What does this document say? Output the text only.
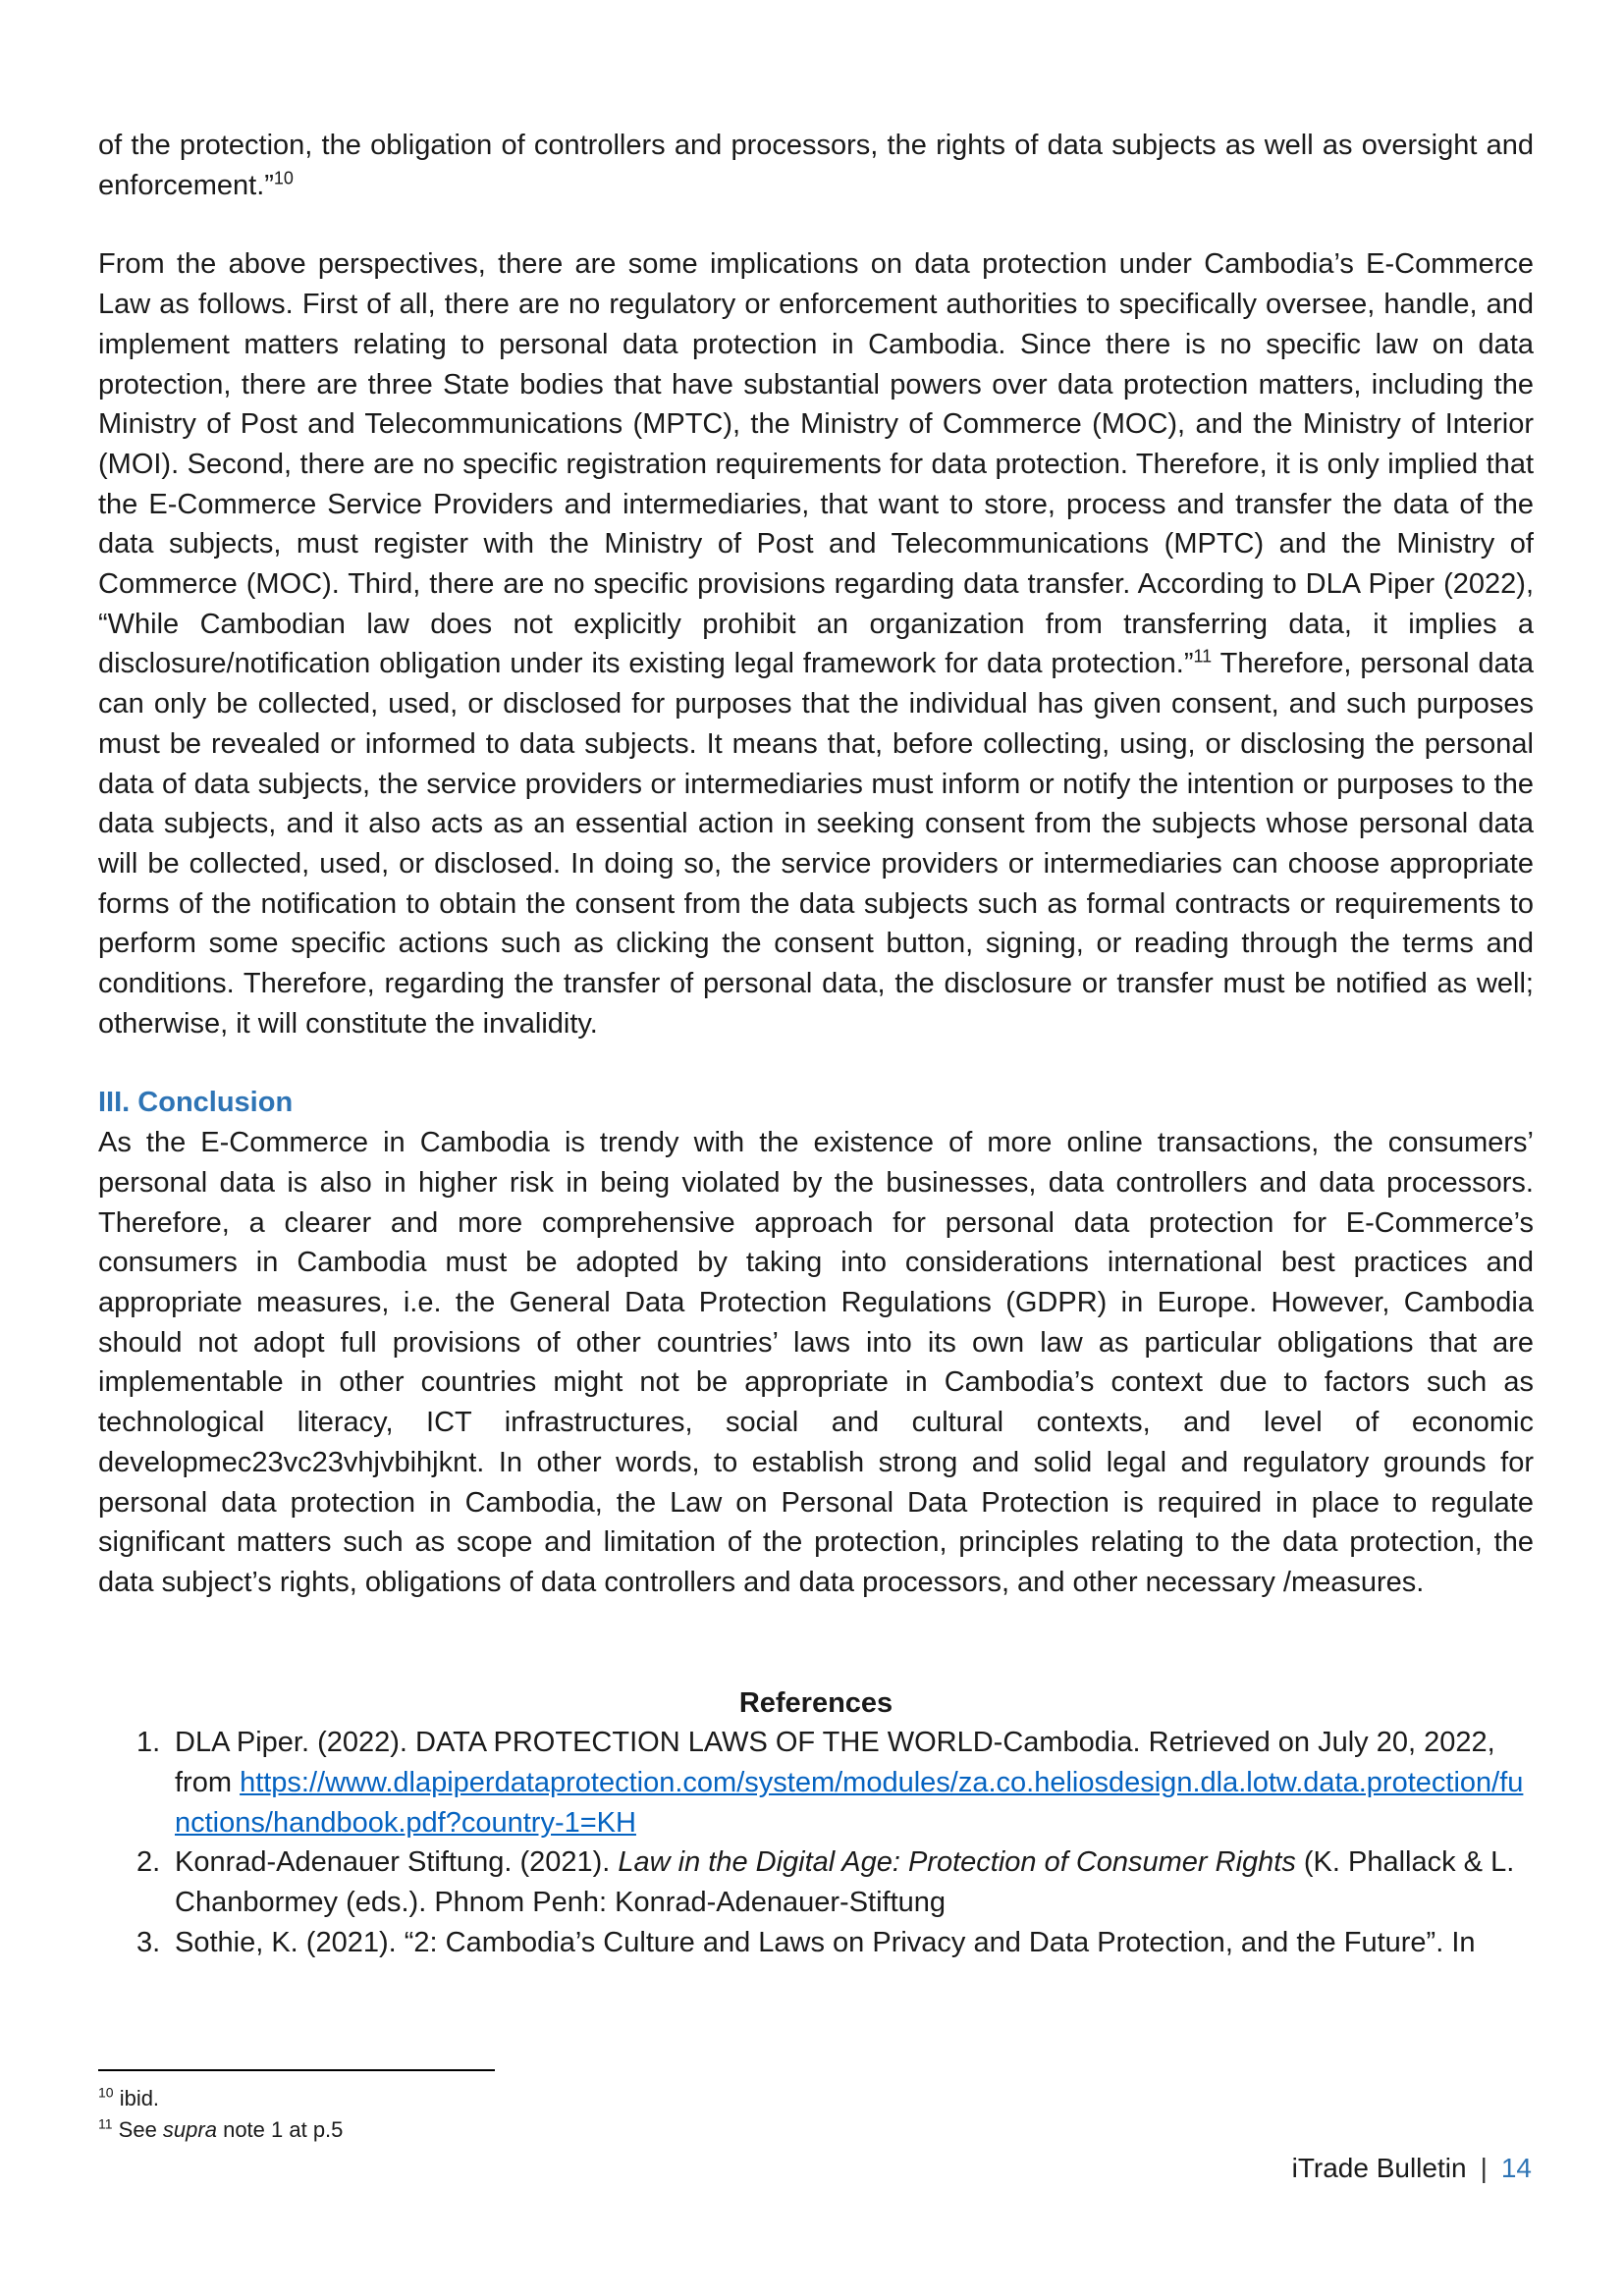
of the protection, the obligation of controllers and processors, the rights of data subjects as well as oversight and enforcement.”$^{10}$

From the above perspectives, there are some implications on data protection under Cambodia’s E-Commerce Law as follows. First of all, there are no regulatory or enforcement authorities to specifically oversee, handle, and implement matters relating to personal data protection in Cambodia. Since there is no specific law on data protection, there are three State bodies that have substantial powers over data protection matters, including the Ministry of Post and Telecommunications (MPTC), the Ministry of Commerce (MOC), and the Ministry of Interior (MOI). Second, there are no specific registration requirements for data protection. Therefore, it is only implied that the E-Commerce Service Providers and intermediaries, that want to store, process and transfer the data of the data subjects, must register with the Ministry of Post and Telecommunications (MPTC) and the Ministry of Commerce (MOC). Third, there are no specific provisions regarding data transfer. According to DLA Piper (2022), “While Cambodian law does not explicitly prohibit an organization from transferring data, it implies a disclosure/notification obligation under its existing legal framework for data protection.”$^{11}$ Therefore, personal data can only be collected, used, or disclosed for purposes that the individual has given consent, and such purposes must be revealed or informed to data subjects. It means that, before collecting, using, or disclosing the personal data of data subjects, the service providers or intermediaries must inform or notify the intention or purposes to the data subjects, and it also acts as an essential action in seeking consent from the subjects whose personal data will be collected, used, or disclosed. In doing so, the service providers or intermediaries can choose appropriate forms of the notification to obtain the consent from the data subjects such as formal contracts or requirements to perform some specific actions such as clicking the consent button, signing, or reading through the terms and conditions. Therefore, regarding the transfer of personal data, the disclosure or transfer must be notified as well; otherwise, it will constitute the invalidity.

III. Conclusion

As the E-Commerce in Cambodia is trendy with the existence of more online transactions, the consumers’ personal data is also in higher risk in being violated by the businesses, data controllers and data processors. Therefore, a clearer and more comprehensive approach for personal data protection for E-Commerce’s consumers in Cambodia must be adopted by taking into considerations international best practices and appropriate measures, i.e. the General Data Protection Regulations (GDPR) in Europe. However, Cambodia should not adopt full provisions of other countries’ laws into its own law as particular obligations that are implementable in other countries might not be appropriate in Cambodia’s context due to factors such as technological literacy, ICT infrastructures, social and cultural contexts, and level of economic developmec23vc23vhjvbihjknt. In other words, to establish strong and solid legal and regulatory grounds for personal data protection in Cambodia, the Law on Personal Data Protection is required in place to regulate significant matters such as scope and limitation of the protection, principles relating to the data protection, the data subject’s rights, obligations of data controllers and data processors, and other necessary /measures.

References
1. DLA Piper. (2022). DATA PROTECTION LAWS OF THE WORLD-Cambodia. Retrieved on July 20, 2022, from https://www.dlapiperdataprotection.com/system/modules/za.co.heliosdesign.dla.lotw.data.protection/functions/handbook.pdf?country-1=KH
2. Konrad-Adenauer Stiftung. (2021). Law in the Digital Age: Protection of Consumer Rights (K. Phallack & L. Chanbormey (eds.). Phnom Penh: Konrad-Adenauer-Stiftung
3. Sothie, K. (2021). “2: Cambodia’s Culture and Laws on Privacy and Data Protection, and the Future”. In
$^{10}$ ibid.
$^{11}$ See supra note 1 at p.5
iTrade Bulletin | 14
